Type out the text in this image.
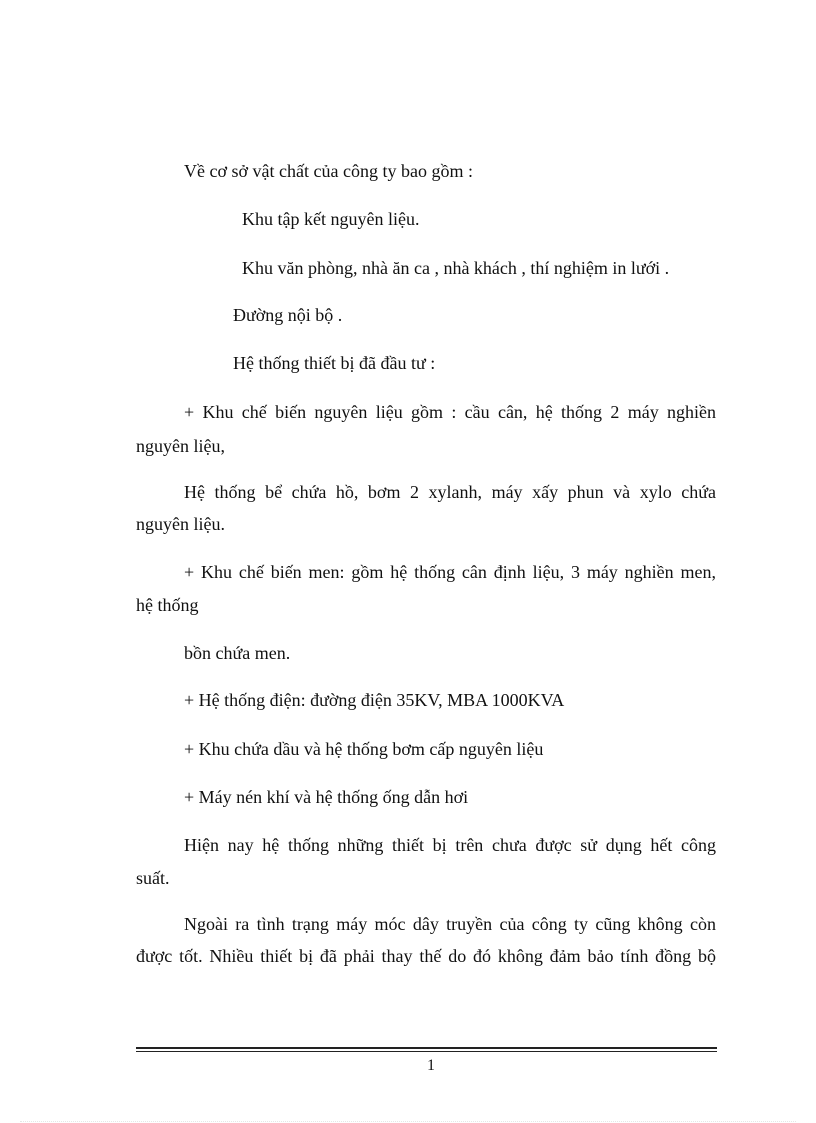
Về cơ sở vật chất của công ty bao gồm :
Khu tập kết nguyên liệu.
Khu văn phòng, nhà ăn ca , nhà khách , thí nghiệm in lưới .
Đường nội bộ .
Hệ thống thiết bị đã đầu tư :
+ Khu chế biến nguyên liệu gồm : cầu cân, hệ thống 2 máy nghiền
nguyên liệu,
Hệ thống bể chứa hồ, bơm 2 xylanh, máy xấy phun và xylo chứa
nguyên liệu.
+ Khu chế biến men: gồm hệ thống cân định liệu, 3 máy nghiền men,
hệ thống
bồn chứa men.
+ Hệ thống điện: đường điện 35KV, MBA 1000KVA
+ Khu chứa dầu và hệ thống bơm cấp nguyên liệu
+ Máy nén khí và hệ thống ống dẫn hơi
Hiện nay hệ thống những thiết bị trên chưa được sử dụng hết công
suất.
Ngoài ra tình trạng máy móc dây truyền của công ty cũng không còn
được tốt. Nhiều thiết bị đã phải thay thế do đó không đảm bảo tính đồng bộ
1
